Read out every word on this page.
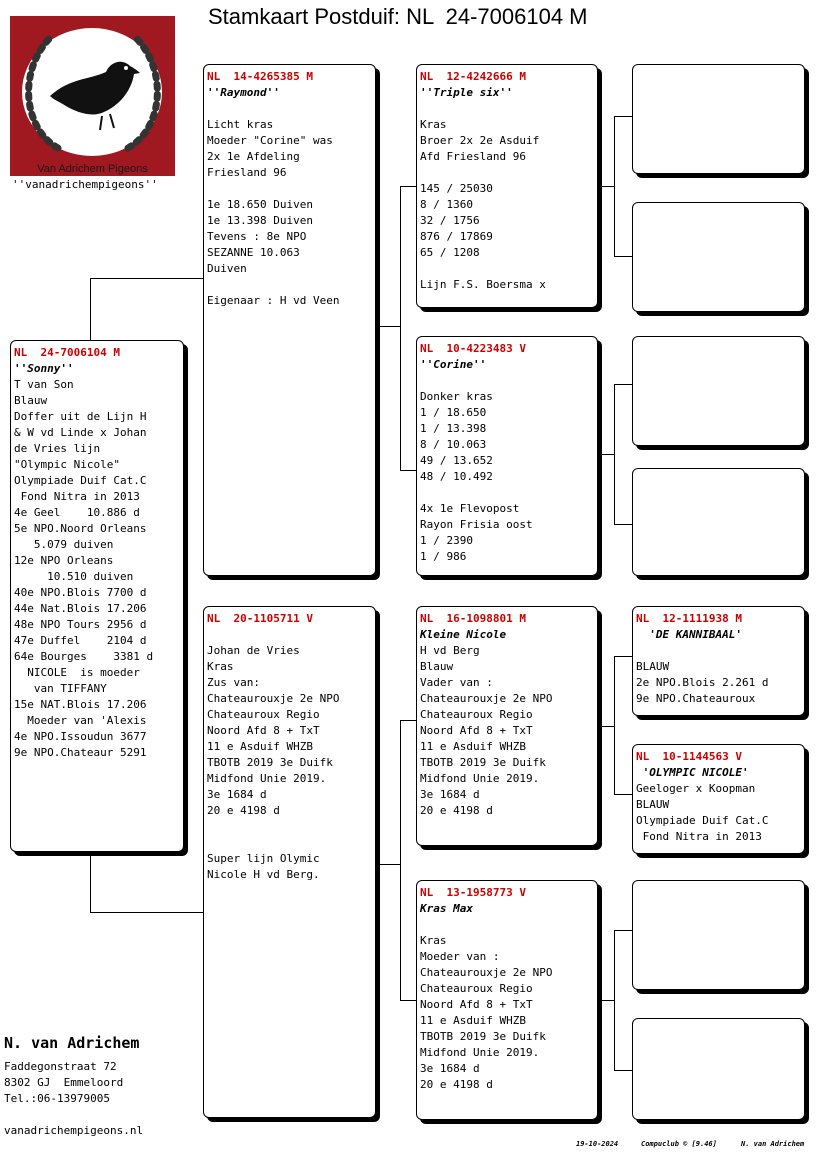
Stamkaart Postduif: NL  24-7006104 M
Van Adrichem Pigeons
''vanadrichempigeons''
NL  24-7006104 M
''Sonny''
T van Son
Blauw
Doffer uit de Lijn H
& W vd Linde x Johan
de Vries lijn
"Olympic Nicole"
Olympiade Duif Cat.C
Fond Nitra in 2013
4e Geel    10.886 d
5e NPO.Noord Orleans
5.079 duiven
12e NPO Orleans
10.510 duiven
40e NPO.Blois 7700 d
44e Nat.Blois 17.206
48e NPO Tours 2956 d
47e Duffel    2104 d
64e Bourges    3381 d
NICOLE  is moeder
van TIFFANY
15e NAT.Blois 17.206
Moeder van 'Alexis
4e NPO.Issoudun 3677
9e NPO.Chateaur 5291
NL  14-4265385 M
''Raymond''
Licht kras
Moeder "Corine" was
2x 1e Afdeling
Friesland 96
1e 18.650 Duiven
1e 13.398 Duiven
Tevens : 8e NPO
SEZANNE 10.063
Duiven
Eigenaar : H vd Veen
NL  20-1105711 V
Johan de Vries
Kras
Zus van:
Chateaurouxje 2e NPO
Chateauroux Regio
Noord Afd 8 + TxT
11 e Asduif WHZB
TBOTB 2019 3e Duifk
Midfond Unie 2019.
3e 1684 d
20 e 4198 d
Super lijn Olymic
Nicole H vd Berg.
NL  12-4242666 M
''Triple six''
Kras
Broer 2x 2e Asduif
Afd Friesland 96
145 / 25030
8 / 1360
32 / 1756
876 / 17869
65 / 1208
Lijn F.S. Boersma x
NL  10-4223483 V
''Corine''
Donker kras
1 / 18.650
1 / 13.398
8 / 10.063
49 / 13.652
48 / 10.492
4x 1e Flevopost
Rayon Frisia oost
1 / 2390
1 / 986
NL  16-1098801 M
Kleine Nicole
H vd Berg
Blauw
Vader van :
Chateaurouxje 2e NPO
Chateauroux Regio
Noord Afd 8 + TxT
11 e Asduif WHZB
TBOTB 2019 3e Duifk
Midfond Unie 2019.
3e 1684 d
20 e 4198 d
NL  13-1958773 V
Kras Max
Kras
Moeder van :
Chateaurouxje 2e NPO
Chateauroux Regio
Noord Afd 8 + TxT
11 e Asduif WHZB
TBOTB 2019 3e Duifk
Midfond Unie 2019.
3e 1684 d
20 e 4198 d
NL  12-1111938 M
'DE KANNIBAAL'
BLAUW
2e NPO.Blois 2.261 d
9e NPO.Chateauroux
NL  10-1144563 V
'OLYMPIC NICOLE'
Geeloger x Koopman
BLAUW
Olympiade Duif Cat.C
Fond Nitra in 2013
N. van Adrichem
Faddegonstraat 72
8302 GJ  Emmeloord
Tel.:06-13979005
vanadrichempigeons.nl
19-10-2024	Compuclub © [9.46]	N. van Adrichem
